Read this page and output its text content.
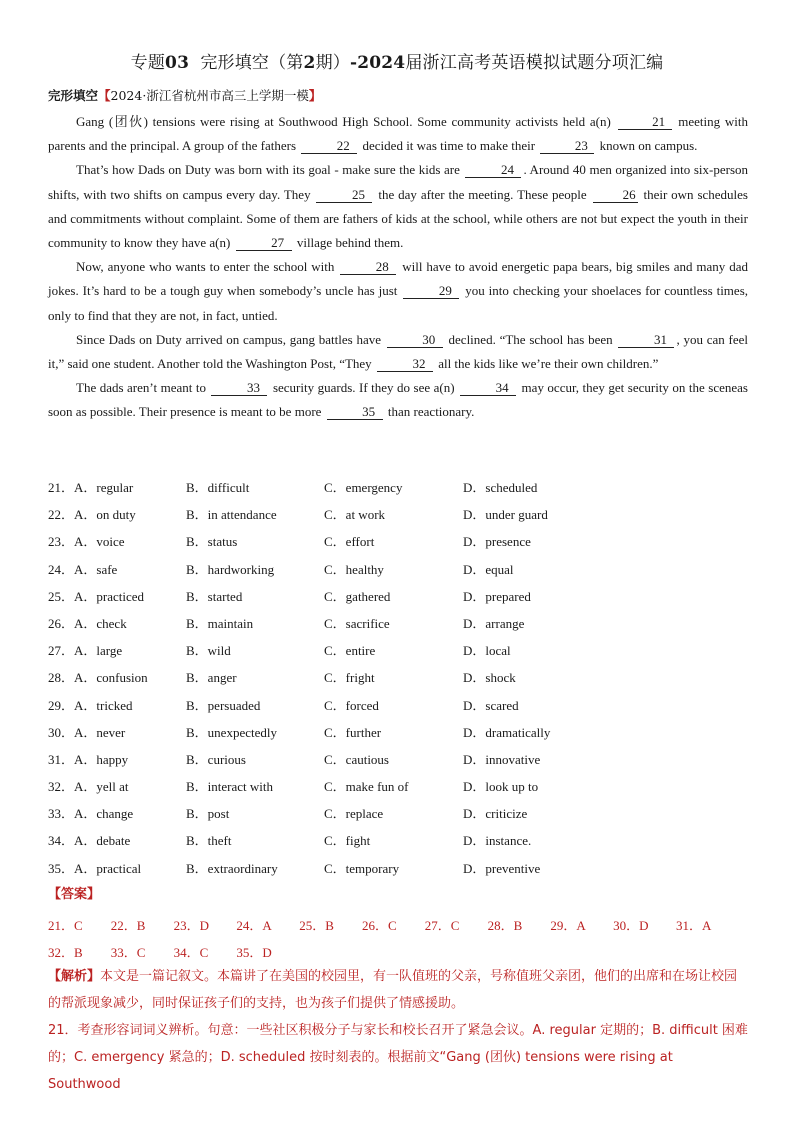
专题03 完形填空（第2期）-2024届浙江高考英语模拟试题分项汇编
完形填空【2024·浙江省杭州市高三上学期一模】

Gang (团伙) tensions were rising at Southwood High School. Some community activists held a(n)	21 meeting with parents and the principal. A group of the fathers	22 decided it was time to make their	23 known on campus.

That’s how Dads on Duty was born with its goal - make sure the kids are	24 . Around 40 men organized into six-person shifts, with two shifts on campus every day. They	25 the day after the meeting. These people 26 their own schedules and commitments without complaint. Some of them are fathers of kids at the school, while others are not but expect the youth in their community to know they have a(n)	27 village behind them.

Now, anyone who wants to enter the school with	28 will have to avoid energetic papa bears, big smiles and many dad jokes. It’s hard to be a tough guy when somebody’s uncle has just	29 you into checking your shoelaces for countless times, only to find that they are not, in fact, untied.

Since Dads on Duty arrived on campus, gang battles have	30 declined. “The school has been	31 , you can feel it,” said one student. Another told the Washington Post, “They	32 all the kids like we’re their own children.”

The dads aren’t meant to	33 security guards. If they do see a(n)	34 may occur, they get security on the sceneas soon as possible. Their presence is meant to be more	35 than reactionary.

21．A．regular	B．difficult	C．emergency	D．scheduled
22．A．on duty	B．in attendance	C．at work	D．under guard
23．A．voice	B．status	C．effort	D．presence
24．A．safe	B．hardworking	C．healthy	D．equal
25．A．practiced	B．started	C．gathered	D．prepared
26．A．check	B．maintain	C．sacrifice	D．arrange
27．A．large	B．wild	C．entire	D．local
28．A．confusion	B．anger	C．fright	D．shock
29．A．tricked	B．persuaded	C．forced	D．scared
30．A．never	B．unexpectedly	C．further	D．dramatically
31．A．happy	B．curious	C．cautious	D．innovative
32．A．yell at	B．interact with	C．make fun of	D．look up to
33．A．change	B．post	C．replace	D．criticize
34．A．debate	B．theft	C．fight	D．instance.
35．A．practical	B．extraordinary	C．temporary	D．preventive
【答案】
21．C 22．B 23．D 24．A 25．B 26．C 27．C 28．B 29．A 30．D 31．A32．B 33．C 34．C 35．D

【解析】本文是一篇记叙文。本篇讲了在美国的校园里，有一队值班的父亲，号称值班父亲团，他们的出席和在场让校园的帮派现象减少，同时保证孩子们的支持，也为孩子们提供了情感援助。

21．考查形容词词义辨析。句意：一些社区积极分子与家长和校长召开了紧急会议。A. regular 定期的；B. difficult 困难的；C. emergency 紧急的；D. scheduled 按时刻表的。根据前文“Gang (团伙) tensions were rising at Southwood
